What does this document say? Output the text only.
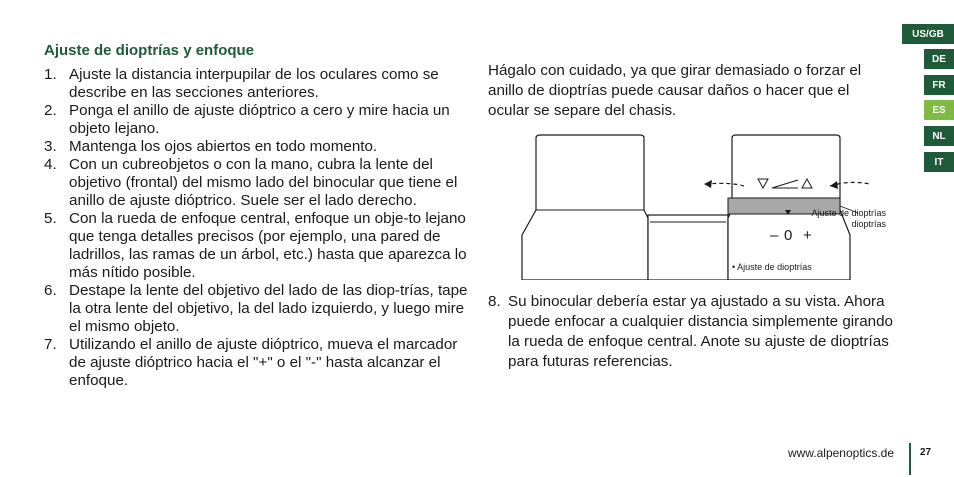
Ajuste de dioptrías y enfoque
1. Ajuste la distancia interpupilar de los oculares como se describe en las secciones anteriores.
2. Ponga el anillo de ajuste dióptrico a cero y mire hacia un objeto lejano.
3. Mantenga los ojos abiertos en todo momento.
4. Con un cubreobjetos o con la mano, cubra la lente del objetivo (frontal) del mismo lado del binocular que tiene el anillo de ajuste dióptrico. Suele ser el lado derecho.
5. Con la rueda de enfoque central, enfoque un obje-to lejano que tenga detalles precisos (por ejemplo, una pared de ladrillos, las ramas de un árbol, etc.) hasta que aparezca lo más nítido posible.
6. Destape la lente del objetivo del lado de las diop-trías, tape la otra lente del objetivo, la del lado izquierdo, y luego mire el mismo objeto.
7. Utilizando el anillo de ajuste dióptrico, mueva el marcador de ajuste dióptrico hacia el "+" o el "-" hasta alcanzar el enfoque.
Hágalo con cuidado, ya que girar demasiado o forzar el anillo de dioptrías puede causar daños o hacer que el ocular se separe del chasis.
– 0 +
Ajuste de dioptrías
dioptrías
• Ajuste de dioptrías
8. Su binocular debería estar ya ajustado a su vista. Ahora puede enfocar a cualquier distancia simplemente girando la rueda de enfoque central. Anote su ajuste de dioptrías para futuras referencias.
US/GB
DE
FR
ES
NL
IT
www.alpenoptics.de	27
